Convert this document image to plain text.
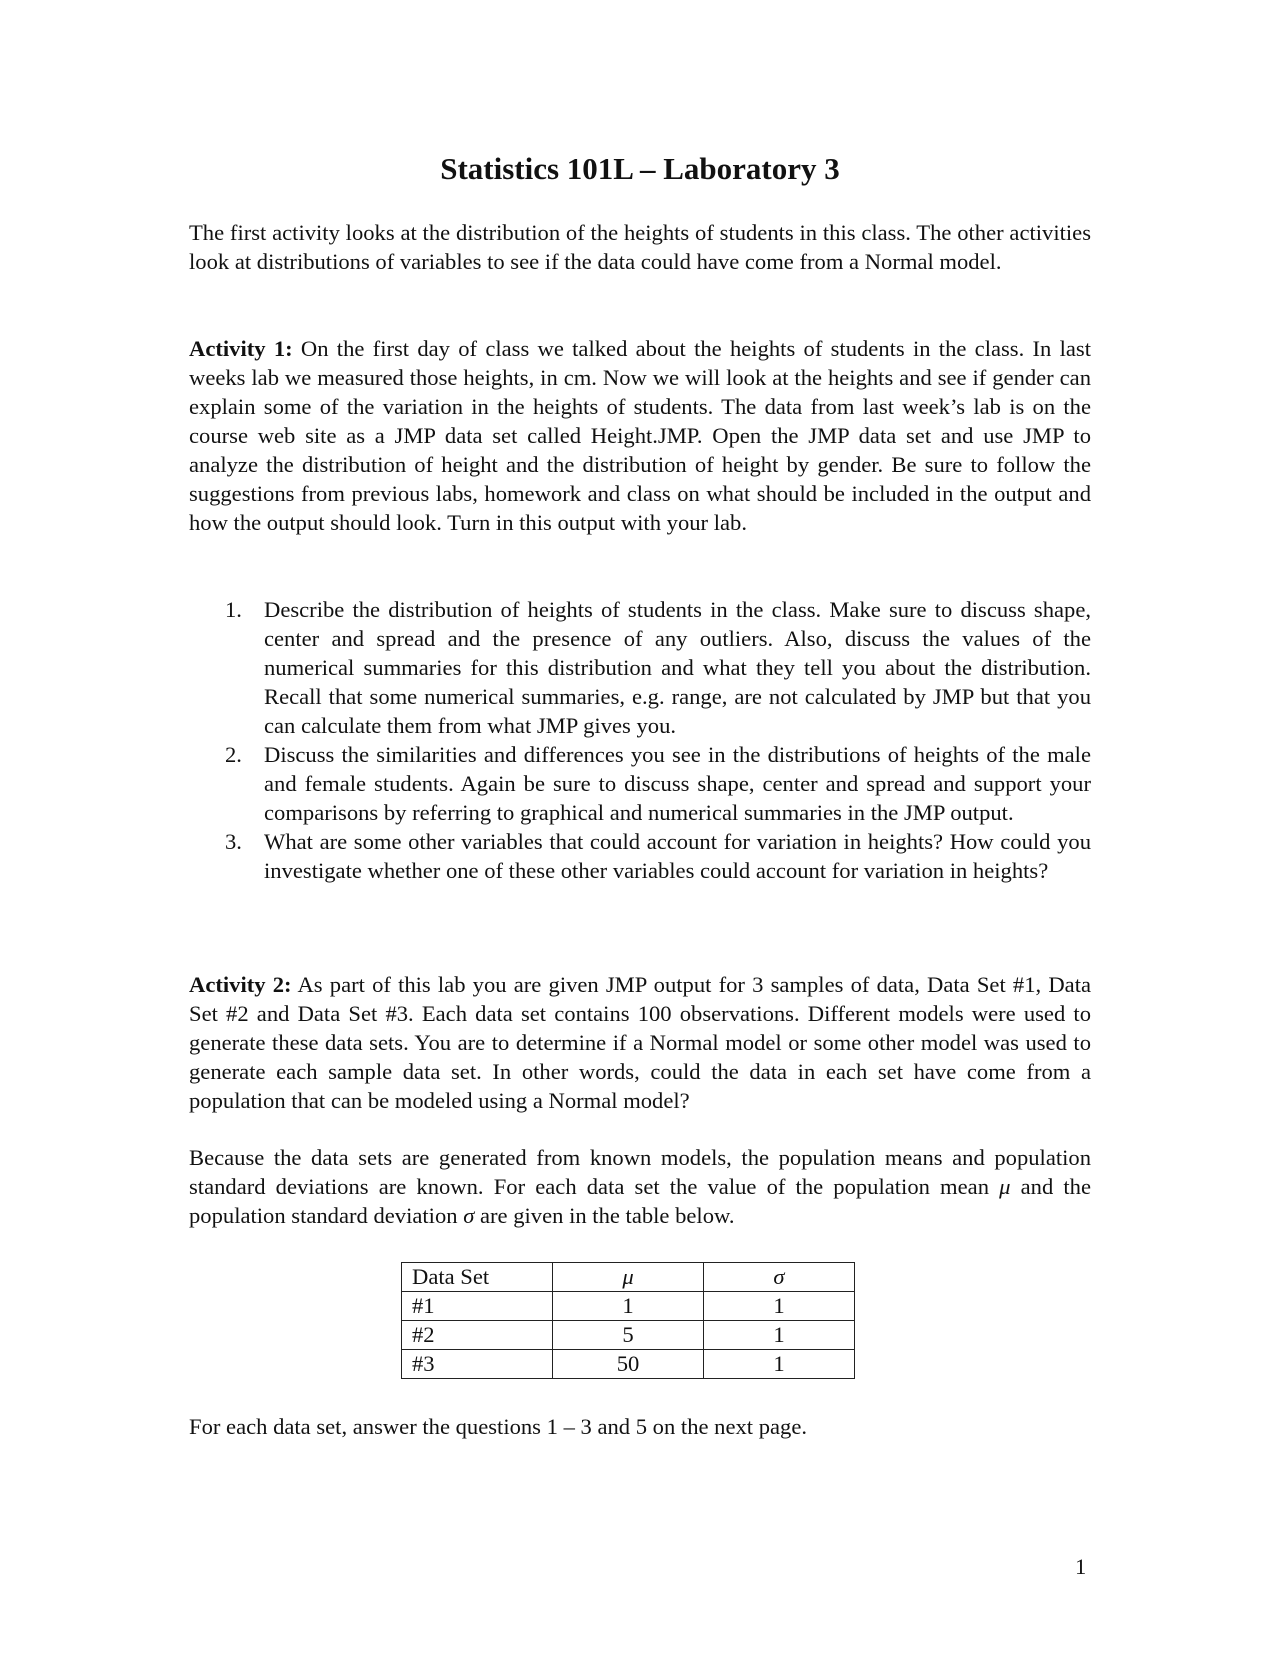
Statistics 101L – Laboratory 3

The first activity looks at the distribution of the heights of students in this class. The other activities look at distributions of variables to see if the data could have come from a Normal model.

Activity 1: On the first day of class we talked about the heights of students in the class. In last weeks lab we measured those heights, in cm. Now we will look at the heights and see if gender can explain some of the variation in the heights of students. The data from last week’s lab is on the course web site as a JMP data set called Height.JMP. Open the JMP data set and use JMP to analyze the distribution of height and the distribution of height by gender. Be sure to follow the suggestions from previous labs, homework and class on what should be included in the output and how the output should look. Turn in this output with your lab.

1. Describe the distribution of heights of students in the class. Make sure to discuss shape, center and spread and the presence of any outliers. Also, discuss the values of the numerical summaries for this distribution and what they tell you about the distribution. Recall that some numerical summaries, e.g. range, are not calculated by JMP but that you can calculate them from what JMP gives you.
2. Discuss the similarities and differences you see in the distributions of heights of the male and female students. Again be sure to discuss shape, center and spread and support your comparisons by referring to graphical and numerical summaries in the JMP output.
3. What are some other variables that could account for variation in heights? How could you investigate whether one of these other variables could account for variation in heights?

Activity 2: As part of this lab you are given JMP output for 3 samples of data, Data Set #1, Data Set #2 and Data Set #3. Each data set contains 100 observations. Different models were used to generate these data sets. You are to determine if a Normal model or some other model was used to generate each sample data set. In other words, could the data in each set have come from a population that can be modeled using a Normal model?

Because the data sets are generated from known models, the population means and population standard deviations are known. For each data set the value of the population mean μ and the population standard deviation σ are given in the table below.

Data Set	μ	σ
#1	1	1
#2	5	1
#3	50	1

For each data set, answer the questions 1 – 3 and 5 on the next page.

1
